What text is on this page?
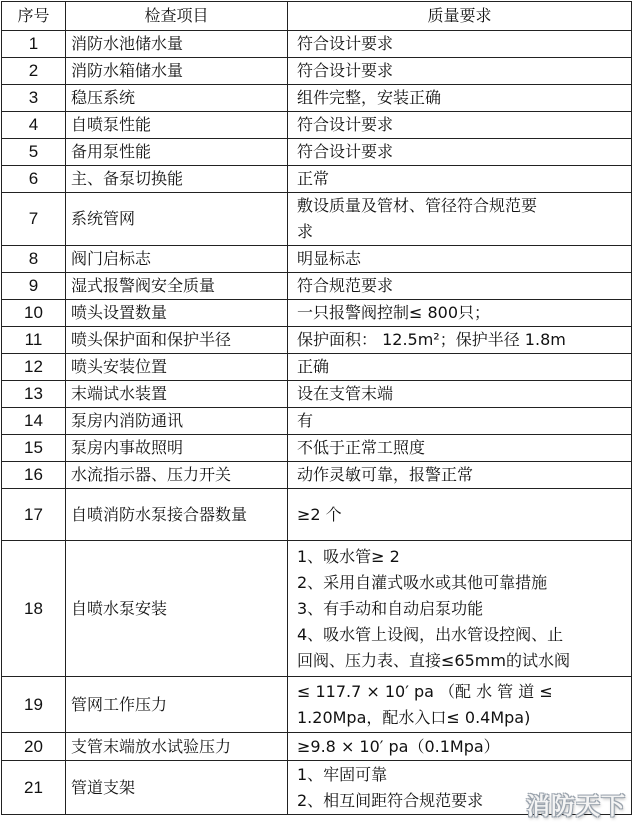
序号	检查项目	质量要求
1	消防水池储水量	符合设计要求

2	消防水箱储水量	符合设计要求

3	稳压系统	组件完整，安装正确

4	自喷泵性能	符合设计要求

5	备用泵性能	符合设计要求

6	主、备泵切换能	正常

7	系统管网	敷设质量及管材、管径符合规范要
求

8	阀门启标志	明显标志

9	湿式报警阀安全质量	符合规范要求

10	喷头设置数量	一只报警阀控制≤ 800只；

11	喷头保护面和保护半径	保护面积： 12.5m²；保护半径 1.8m

12	喷头安装位置	正确

13	末端试水装置	设在支管末端

14	泵房内消防通讯	有

15	泵房内事故照明	不低于正常工照度

16	水流指示器、压力开关	动作灵敏可靠，报警正常

17	自喷消防水泵接合器数量	≥2 个

18	自喷水泵安装	1、吸水管≥ 2
2、采用自灌式吸水或其他可靠措施
3、有手动和自动启泵功能
4、吸水管上设阀，出水管设控阀、止
回阀、压力表、直接≤65mm的试水阀

19	管网工作压力	≤ 117.7 × 10′ pa （配 水 管 道 ≤
1.20Mpa，配水入口≤ 0.4Mpa)

20	支管末端放水试验压力	≥9.8 × 10′ pa（0.1Mpa）

21	管道支架	1、牢固可靠
2、相互间距符合规范要求	消防天下
